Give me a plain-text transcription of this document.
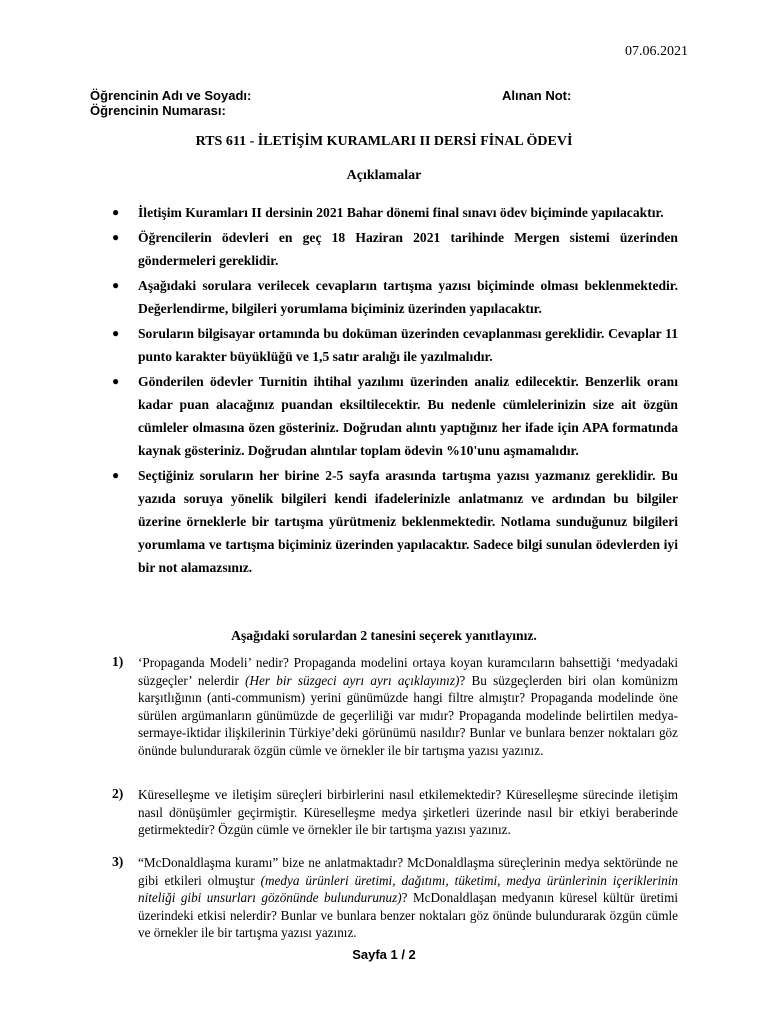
07.06.2021
Öğrencinin Adı ve Soyadı:
Öğrencinin Numarası:
Alınan Not:
RTS 611 - İLETİŞİM KURAMLARI II DERSİ FİNAL ÖDEVİ
Açıklamalar
● İletişim Kuramları II dersinin 2021 Bahar dönemi final sınavı ödev biçiminde yapılacaktır.
● Öğrencilerin ödevleri en geç 18 Haziran 2021 tarihinde Mergen sistemi üzerinden göndermeleri gereklidir.
● Aşağıdaki sorulara verilecek cevapların tartışma yazısı biçiminde olması beklenmektedir. Değerlendirme, bilgileri yorumlama biçiminiz üzerinden yapılacaktır.
● Soruların bilgisayar ortamında bu doküman üzerinden cevaplanması gereklidir. Cevaplar 11 punto karakter büyüklüğü ve 1,5 satır aralığı ile yazılmalıdır.
● Gönderilen ödevler Turnitin ihtihal yazılımı üzerinden analiz edilecektir. Benzerlik oranı kadar puan alacağınız puandan eksiltilecektir. Bu nedenle cümlelerinizin size ait özgün cümleler olmasına özen gösteriniz. Doğrudan alıntı yaptığınız her ifade için APA formatında kaynak gösteriniz. Doğrudan alıntılar toplam ödevin %10'unu aşmamalıdır.
● Seçtiğiniz soruların her birine 2-5 sayfa arasında tartışma yazısı yazmanız gereklidir. Bu yazıda soruya yönelik bilgileri kendi ifadelerinizle anlatmanız ve ardından bu bilgiler üzerine örneklerle bir tartışma yürütmeniz beklenmektedir. Notlama sunduğunuz bilgileri yorumlama ve tartışma biçiminiz üzerinden yapılacaktır. Sadece bilgi sunulan ödevlerden iyi bir not alamazsınız.
Aşağıdaki sorulardan 2 tanesini seçerek yanıtlayınız.
1) ‘Propaganda Modeli’ nedir? Propaganda modelini ortaya koyan kuramcıların bahsettiği ‘medyadaki süzgeçler’ nelerdir (Her bir süzgeci ayrı ayrı açıklayınız)? Bu süzgeçlerden biri olan komünizm karşıtlığının (anti-communism) yerini günümüzde hangi filtre almıştır? Propaganda modelinde öne sürülen argümanların günümüzde de geçerliliği var mıdır? Propaganda modelinde belirtilen medya-sermaye-iktidar ilişkilerinin Türkiye’deki görünümü nasıldır? Bunlar ve bunlara benzer noktaları göz önünde bulundurarak özgün cümle ve örnekler ile bir tartışma yazısı yazınız.
2) Küreselleşme ve iletişim süreçleri birbirlerini nasıl etkilemektedir? Küreselleşme sürecinde iletişim nasıl dönüşümler geçirmiştir. Küreselleşme medya şirketleri üzerinde nasıl bir etkiyi beraberinde getirmektedir? Özgün cümle ve örnekler ile bir tartışma yazısı yazınız.
3) “McDonaldlaşma kuramı” bize ne anlatmaktadır? McDonaldlaşma süreçlerinin medya sektöründe ne gibi etkileri olmuştur (medya ürünleri üretimi, dağıtımı, tüketimi, medya ürünlerinin içeriklerinin niteliği gibi unsurları gözönünde bulundurunuz)? McDonaldlaşan medyanın küresel kültür üretimi üzerindeki etkisi nelerdir? Bunlar ve bunlara benzer noktaları göz önünde bulundurarak özgün cümle ve örnekler ile bir tartışma yazısı yazınız.
Sayfa 1 / 2
